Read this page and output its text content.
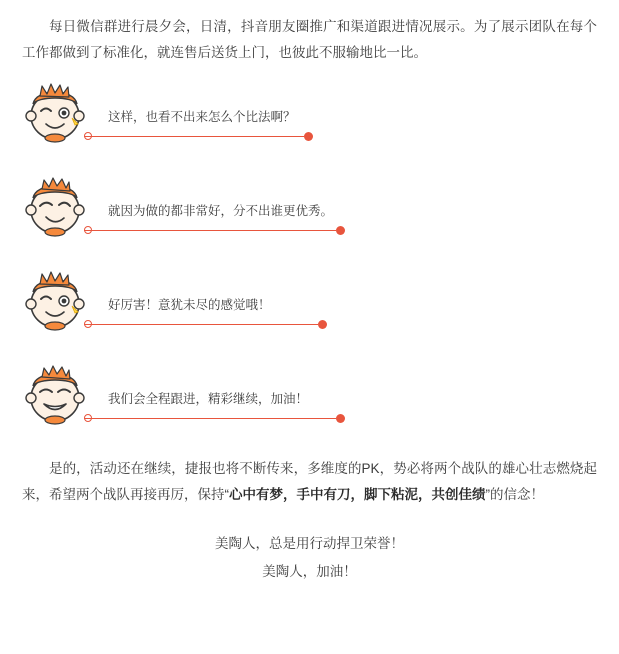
每日微信群进行晨夕会，日清，抖音朋友圈推广和渠道跟进情况展示。为了展示团队在每个工作都做到了标准化，就连售后送货上门，也彼此不服输地比一比。

这样，也看不出来怎么个比法啊？
就因为做的都非常好，分不出谁更优秀。
好厉害！意犹未尽的感觉哦！
我们会全程跟进，精彩继续，加油！

是的，活动还在继续，捷报也将不断传来，多维度的PK，势必将两个战队的雄心壮志燃烧起来，希望两个战队再接再厉，保持“心中有梦，手中有刀，脚下粘泥，共创佳绩”的信念！

美陶人，总是用行动捍卫荣誉！
美陶人，加油！
